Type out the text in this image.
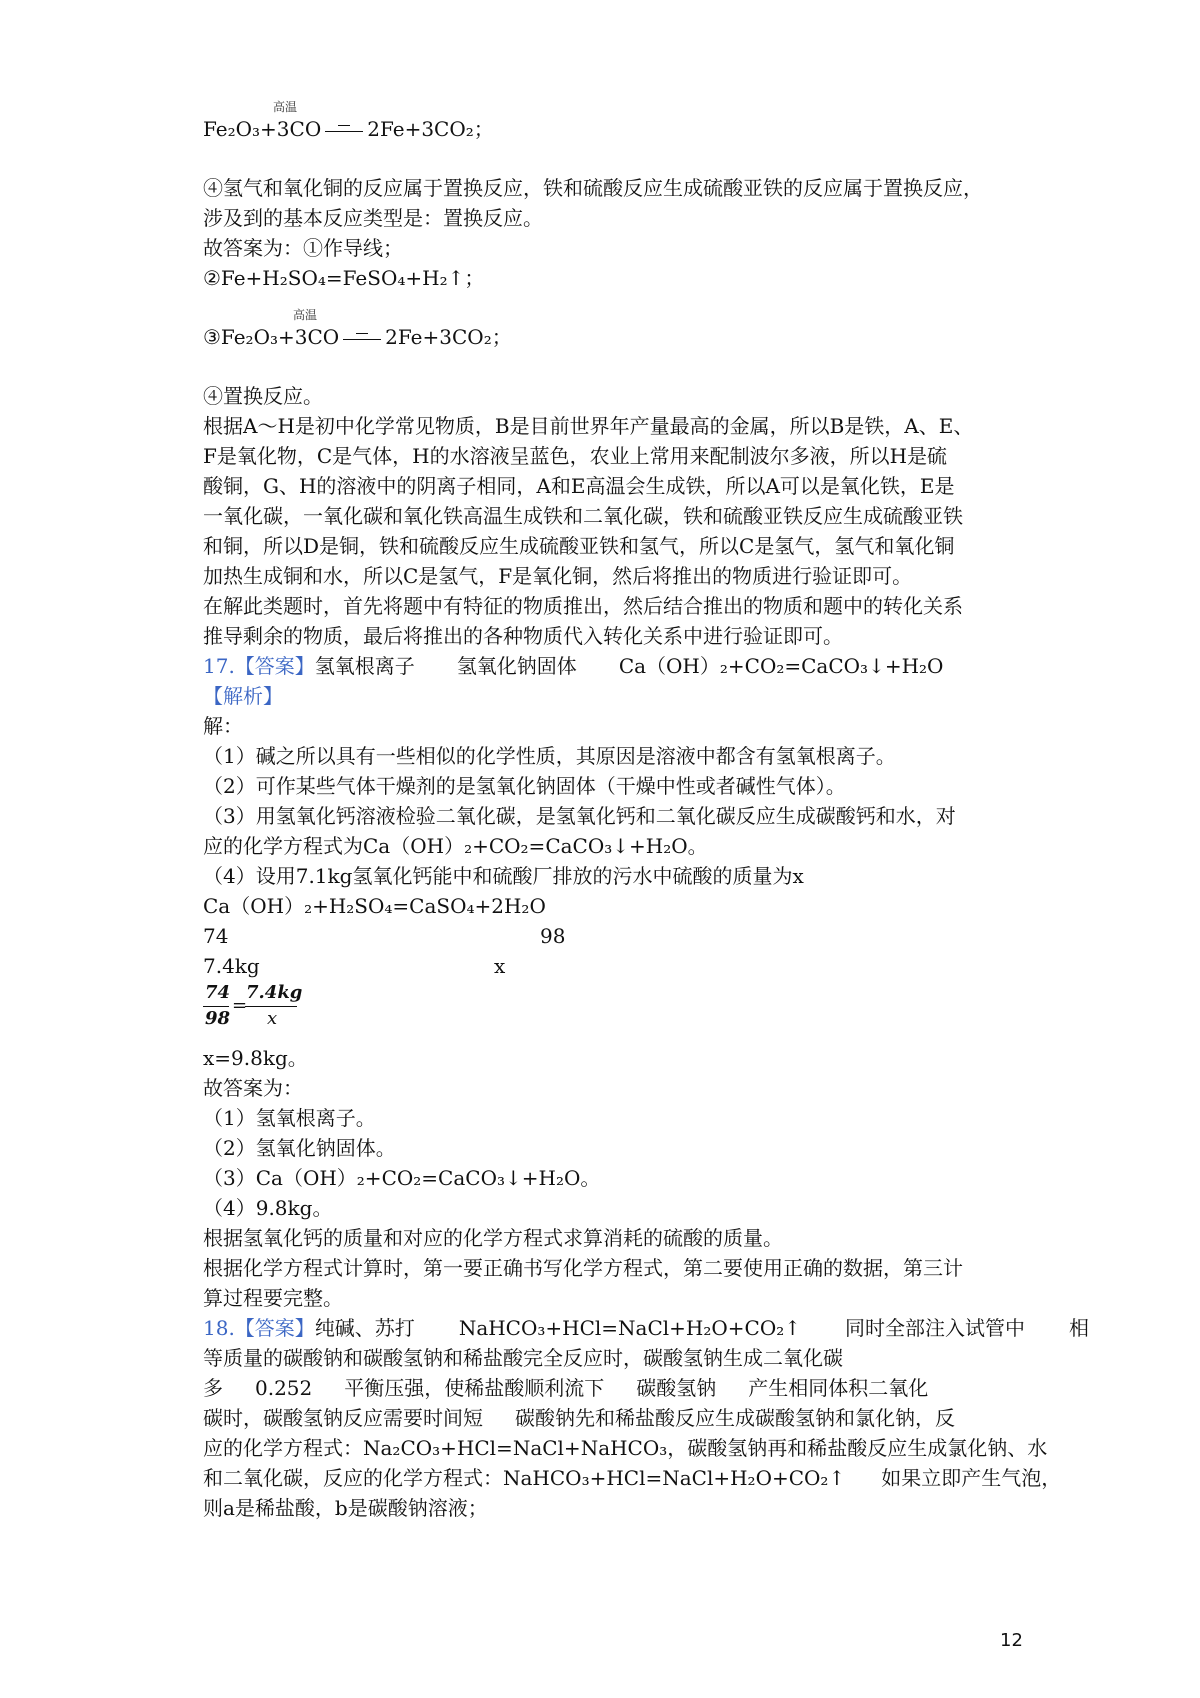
高温
Fe₂O₃+3CO 2Fe+3CO₂；
④氢气和氧化铜的反应属于置换反应，铁和硫酸反应生成硫酸亚铁的反应属于置换反应，
涉及到的基本反应类型是：置换反应。
故答案为：①作导线；
②Fe+H₂SO₄=FeSO₄+H₂↑；
高温
③Fe₂O₃+3CO 2Fe+3CO₂；
④置换反应。
根据A～H是初中化学常见物质，B是目前世界年产量最高的金属，所以B是铁，A、E、
F是氧化物，C是气体，H的水溶液呈蓝色，农业上常用来配制波尔多液，所以H是硫
酸铜，G、H的溶液中的阴离子相同，A和E高温会生成铁，所以A可以是氧化铁，E是
一氧化碳，一氧化碳和氧化铁高温生成铁和二氧化碳，铁和硫酸亚铁反应生成硫酸亚铁
和铜，所以D是铜，铁和硫酸反应生成硫酸亚铁和氢气，所以C是氢气，氢气和氧化铜
加热生成铜和水，所以C是氢气，F是氧化铜，然后将推出的物质进行验证即可。
在解此类题时，首先将题中有特征的物质推出，然后结合推出的物质和题中的转化关系
推导剩余的物质，最后将推出的各种物质代入转化关系中进行验证即可。
17.【答案】氢氧根离子 氢氧化钠固体 Ca（OH）₂+CO₂=CaCO₃↓+H₂O
【解析】
解：
（1）碱之所以具有一些相似的化学性质，其原因是溶液中都含有氢氧根离子。
（2）可作某些气体干燥剂的是氢氧化钠固体（干燥中性或者碱性气体）。
（3）用氢氧化钙溶液检验二氧化碳，是氢氧化钙和二氧化碳反应生成碳酸钙和水，对
应的化学方程式为Ca（OH）₂+CO₂=CaCO₃↓+H₂O。
（4）设用7.1kg氢氧化钙能中和硫酸厂排放的污水中硫酸的质量为x
Ca（OH）₂+H₂SO₄=CaSO₄+2H₂O
74	98
7.4kg	x
74
98
=
7.4kg
x
x=9.8kg。
故答案为：
（1）氢氧根离子。
（2）氢氧化钠固体。
（3）Ca（OH）₂+CO₂=CaCO₃↓+H₂O。
（4）9.8kg。
根据氢氧化钙的质量和对应的化学方程式求算消耗的硫酸的质量。
根据化学方程式计算时，第一要正确书写化学方程式，第二要使用正确的数据，第三计
算过程要完整。
18.【答案】纯碱、苏打 NaHCO₃+HCl=NaCl+H₂O+CO₂↑ 同时全部注入试管中 相
等质量的碳酸钠和碳酸氢钠和稀盐酸完全反应时，碳酸氢钠生成二氧化碳
多 0.252 平衡压强，使稀盐酸顺利流下 碳酸氢钠 产生相同体积二氧化
碳时，碳酸氢钠反应需要时间短 碳酸钠先和稀盐酸反应生成碳酸氢钠和氯化钠，反
应的化学方程式：Na₂CO₃+HCl=NaCl+NaHCO₃，碳酸氢钠再和稀盐酸反应生成氯化钠、水
和二氧化碳，反应的化学方程式：NaHCO₃+HCl=NaCl+H₂O+CO₂↑ 如果立即产生气泡，
则a是稀盐酸，b是碳酸钠溶液；
12
